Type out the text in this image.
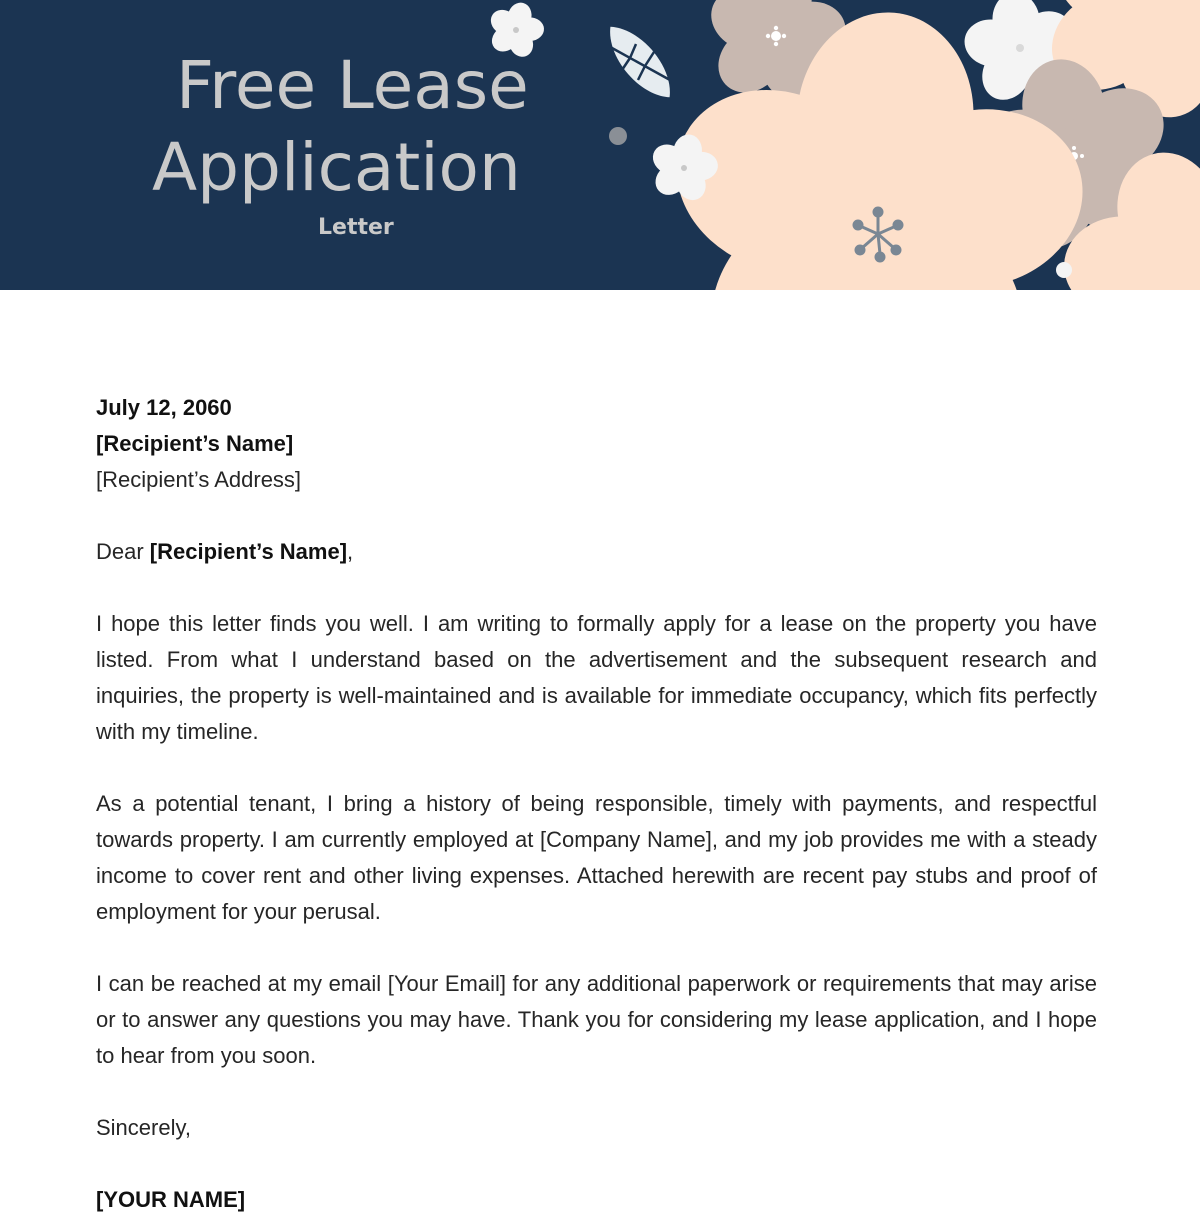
Free Lease
Application
Letter

July 12, 2060

[Recipient’s Name]

[Recipient’s Address]

Dear [Recipient’s Name],

I hope this letter finds you well. I am writing to formally apply for a lease on the property you have listed. From what I understand based on the advertisement and the subsequent research and inquiries, the property is well-maintained and is available for immediate occupancy, which fits perfectly with my timeline.

As a potential tenant, I bring a history of being responsible, timely with payments, and respectful towards property. I am currently employed at [Company Name], and my job provides me with a steady income to cover rent and other living expenses. Attached herewith are recent pay stubs and proof of employment for your perusal.

I can be reached at my email [Your Email] for any additional paperwork or requirements that may arise or to answer any questions you may have. Thank you for considering my lease application, and I hope to hear from you soon.

Sincerely,

[YOUR NAME]
